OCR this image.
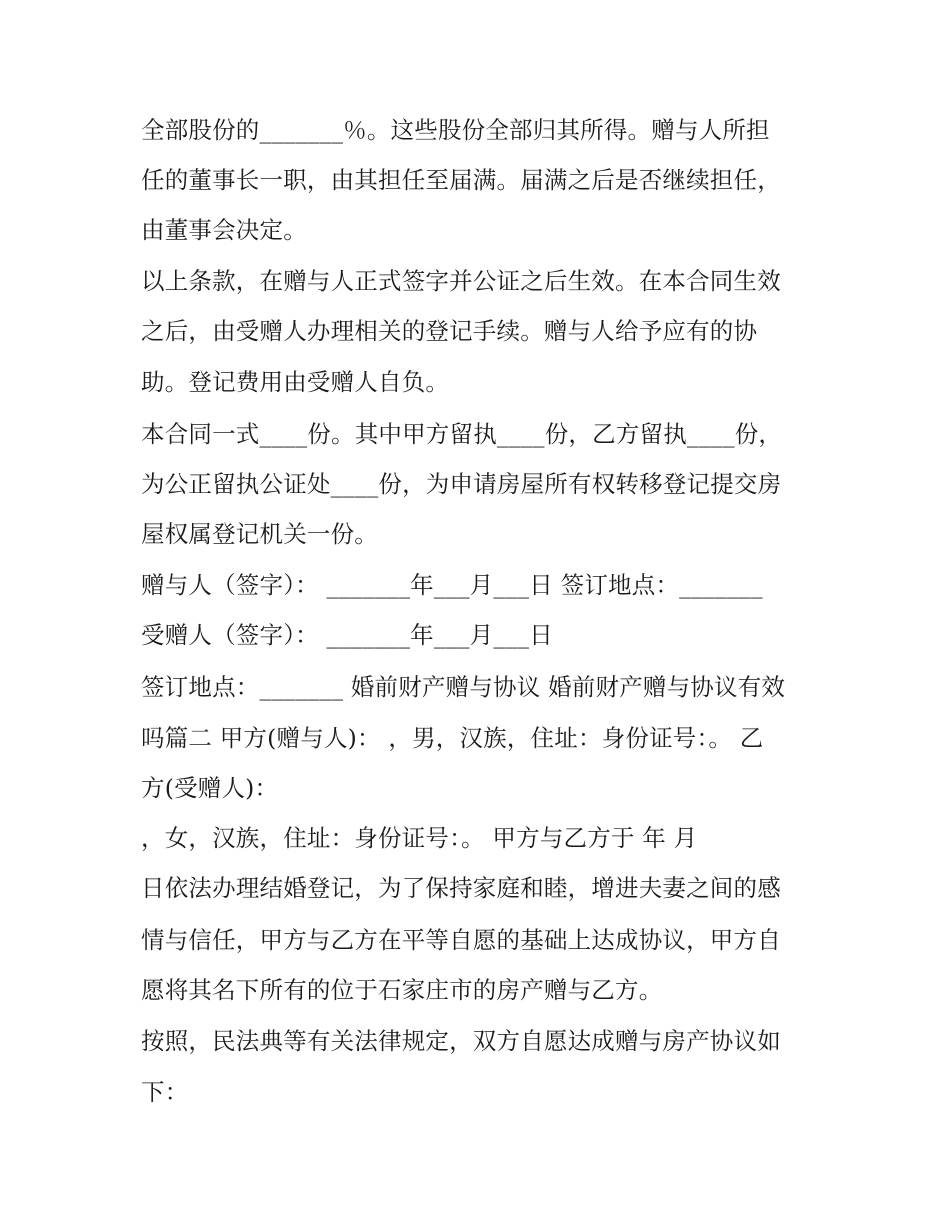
全部股份的_______％。这些股份全部归其所得。赠与人所担
任的董事长一职，由其担任至届满。届满之后是否继续担任，
由董事会决定。
以上条款，在赠与人正式签字并公证之后生效。在本合同生效
之后，由受赠人办理相关的登记手续。赠与人给予应有的协
助。登记费用由受赠人自负。
本合同一式____份。其中甲方留执____份，乙方留执____份，
为公正留执公证处____份，为申请房屋所有权转移登记提交房
屋权属登记机关一份。
赠与人（签字）： _______年___月___日 签订地点：_______
受赠人（签字）： _______年___月___日
签订地点：_______ 婚前财产赠与协议 婚前财产赠与协议有效
吗篇二 甲方(赠与人)： ，男，汉族，住址：身份证号：。 乙
方(受赠人)：
，女，汉族，住址：身份证号：。 甲方与乙方于 年 月
日依法办理结婚登记，为了保持家庭和睦，增进夫妻之间的感
情与信任，甲方与乙方在平等自愿的基础上达成协议，甲方自
愿将其名下所有的位于石家庄市的房产赠与乙方。
按照，民法典等有关法律规定，双方自愿达成赠与房产协议如
下：
